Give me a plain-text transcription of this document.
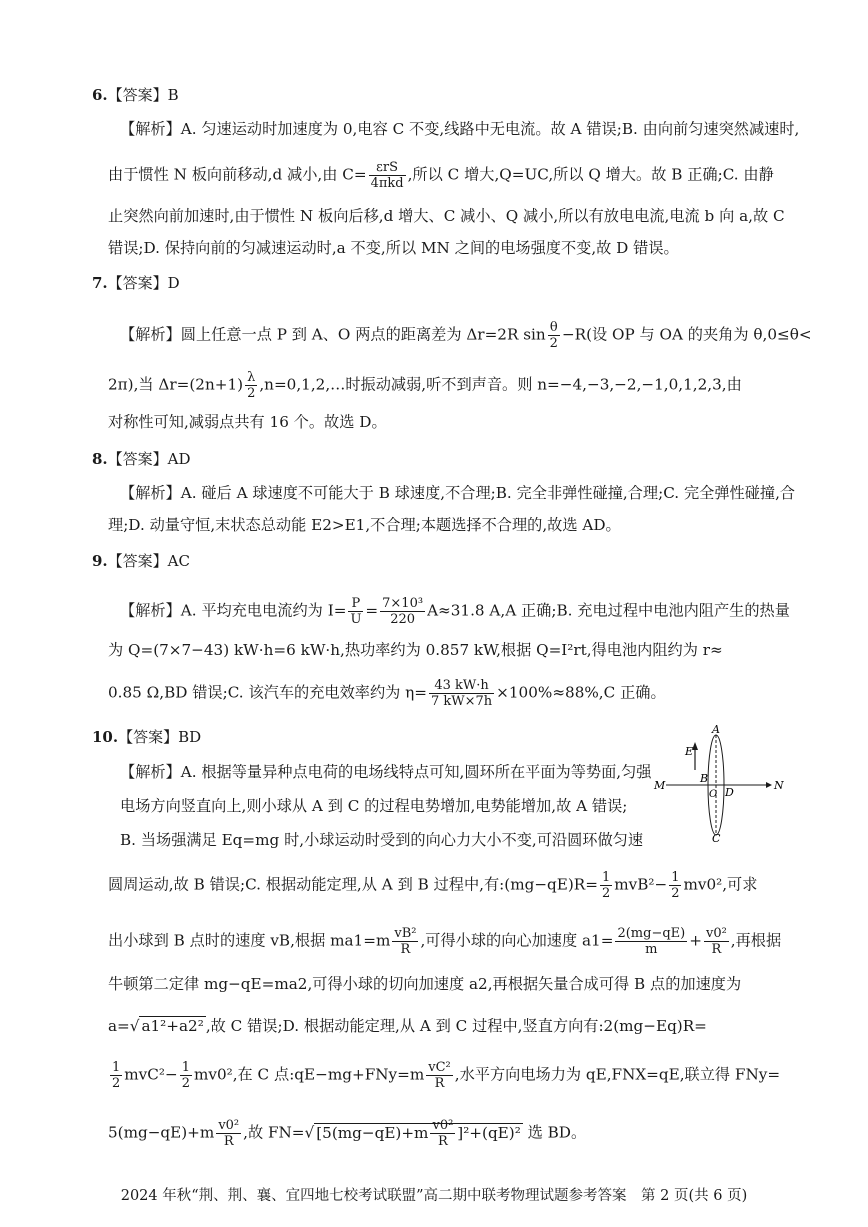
6.【答案】B
【解析】A. 匀速运动时加速度为 0,电容 C 不变,线路中无电流。故 A 错误;B. 由向前匀速突然减速时,
由于惯性 N 板向前移动,d 减小,由 C= εrS
4πkd ,所以 C 增大,Q=UC,所以 Q 增大。故 B 正确;C. 由静
止突然向前加速时,由于惯性 N 板向后移,d 增大、C 减小、Q 减小,所以有放电电流,电流 b 向 a,故 C
错误;D. 保持向前的匀减速运动时,a 不变,所以 MN 之间的电场强度不变,故 D 错误。
7.【答案】D
【解析】圆上任意一点 P 到 A、O 两点的距离差为 Δr=2R $\sin \frac{\theta}{2} -R$(设 OP 与 OA 的夹角为 θ,0≤θ<
2π),当 $\Delta r=(2n+1) \frac{\lambda}{2}$ ,n=0,1,2,…时振动减弱,听不到声音。则 n=−4,−3,−2,−1,0,1,2,3,由
对称性可知,减弱点共有 16 个。故选 D。
8.【答案】AD
【解析】A. 碰后 A 球速度不可能大于 B 球速度,不合理;B. 完全非弹性碰撞,合理;C. 完全弹性碰撞,合
理;D. 动量守恒,末状态总动能 E2>E1,不合理;本题选择不合理的,故选 AD。
9.【答案】AC
【解析】A. 平均充电电流约为 $I= \frac{P}{U} = \frac{\text{7×10³}}{220} A\approx 31.8$ A,A 正确;B. 充电过程中电池内阻产生的热量
为 Q=(7×7−43) kW·h=6 kW·h,热功率约为 0.857 kW,根据 Q=I²rt,得电池内阻约为 r≈
0.85 Ω,BD 错误;C. 该汽车的充电效率约为 $\eta= \frac{43 kW\cdot h}{7 kW\times 7h} \times 100\%\approx 88\%,C$ 正确。
10.【答案】BD
【解析】A. 根据等量异种点电荷的电场线特点可知,圆环所在平面为等势面,匀强
电场方向竖直向上,则小球从 A 到 C 的过程电势增加,电势能增加,故 A 错误;
B. 当场强满足 Eq=mg 时,小球运动时受到的向心力大小不变,可沿圆环做匀速
E
A
B
O D
C
M	N
圆周运动,故 B 错误;C. 根据动能定理,从 A 到 B 过程中,有:(mg−qE)R= $\frac{1}{2} mvB^2- \frac{1}{2} mv0^2$,可求
出小球到 B 点时的速度 vB,根据 $ma1=m \frac{\text{vB²}}{R}$ ,可得小球的向心加速度 $a1= \frac{2(mg-qE)}{m} + \frac{\text{v0²}}{R}$ ,再根据
牛顿第二定律 mg−qE=ma2,可得小球的切向加速度 a2,再根据矢量合成可得 B 点的加速度为
a=√ a1²+a2² ,故 C 错误;D. 根据动能定理,从 A 到 C 过程中,竖直方向有:2(mg−Eq)R=
$\frac{1}{2} mvC^2- \frac{1}{2} mv0^2$,在 C 点:qE−mg+FNy=m $\frac{\text{vC²}}{R}$ ,水平方向电场力为 qE,FNX=qE,联立得 FNy=
$5(mg-qE)+m \frac{\text{v0²}}{R}$ ,故 FN=√ $[5(mg-qE)+m \frac{\text{v0²}}{R} ]^2+(qE)^2$ 选 BD。
2024 年秋“荆、荆、襄、宜四地七校考试联盟”高二期中联考物理试题参考答案　第 2 页(共 6 页)
